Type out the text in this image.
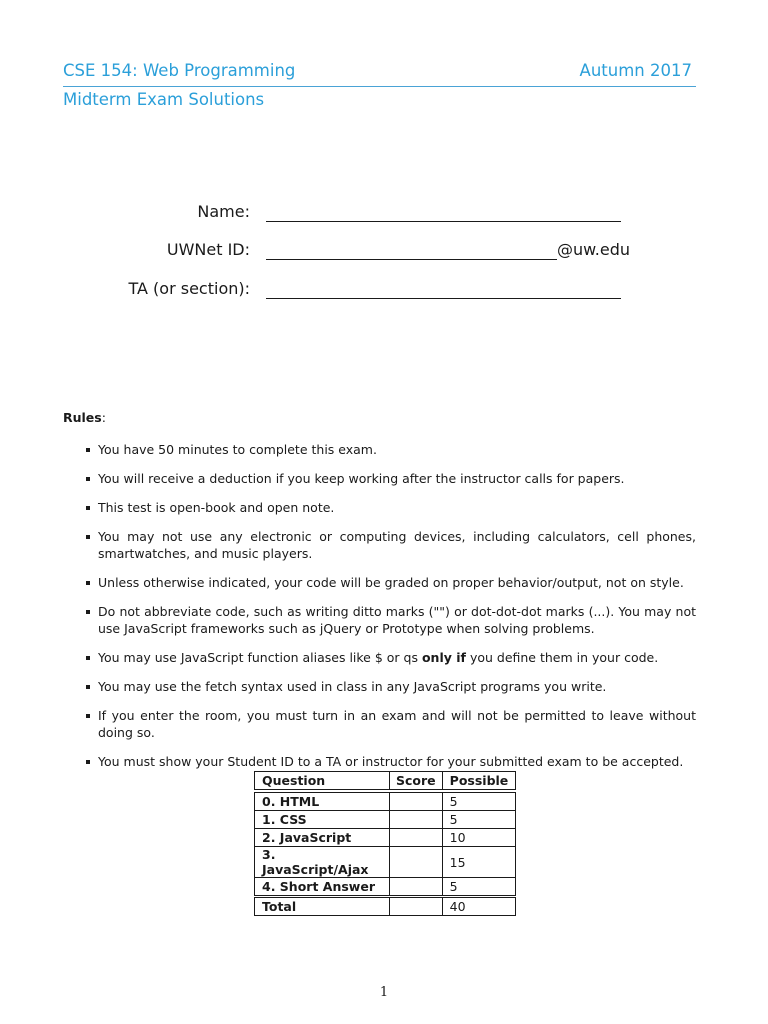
CSE 154: Web Programming	Autumn 2017
Midterm Exam Solutions
Name:
UWNet ID:	@uw.edu
TA (or section):
Rules:
You have 50 minutes to complete this exam.
You will receive a deduction if you keep working after the instructor calls for papers.
This test is open-book and open note.
You may not use any electronic or computing devices, including calculators, cell phones, smartwatches, and music players.
Unless otherwise indicated, your code will be graded on proper behavior/output, not on style.
Do not abbreviate code, such as writing ditto marks ("") or dot-dot-dot marks (...). You may not use JavaScript frameworks such as jQuery or Prototype when solving problems.
You may use JavaScript function aliases like $ or qs only if you define them in your code.
You may use the fetch syntax used in class in any JavaScript programs you write.
If you enter the room, you must turn in an exam and will not be permitted to leave without doing so.
You must show your Student ID to a TA or instructor for your submitted exam to be accepted.
Question	Score	Possible

0. HTML		5
1. CSS		5
2. JavaScript		10
3. JavaScript/Ajax		15
4. Short Answer		5

Total		40
1
